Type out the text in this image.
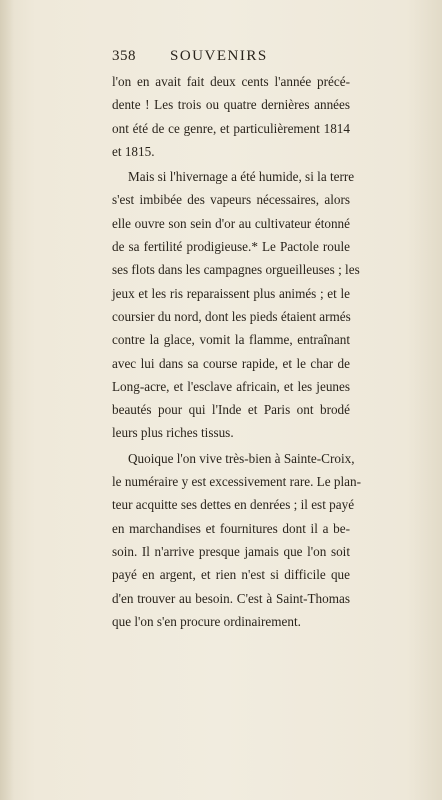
358 SOUVENIRS
l'on en avait fait deux cents l'année précé-
dente ! Les trois ou quatre dernières années
ont été de ce genre, et particulièrement 1814
et 1815.
Mais si l'hivernage a été humide, si la terre
s'est imbibée des vapeurs nécessaires, alors
elle ouvre son sein d'or au cultivateur étonné
de sa fertilité prodigieuse.* Le Pactole roule
ses flots dans les campagnes orgueilleuses ; les
jeux et les ris reparaissent plus animés ; et le
coursier du nord, dont les pieds étaient armés
contre la glace, vomit la flamme, entraînant
avec lui dans sa course rapide, et le char de
Long-acre, et l'esclave africain, et les jeunes
beautés pour qui l'Inde et Paris ont brodé
leurs plus riches tissus.
Quoique l'on vive très-bien à Sainte-Croix,
le numéraire y est excessivement rare. Le plan-
teur acquitte ses dettes en denrées ; il est payé
en marchandises et fournitures dont il a be-
soin. Il n'arrive presque jamais que l'on soit
payé en argent, et rien n'est si difficile que
d'en trouver au besoin. C'est à Saint-Thomas
que l'on s'en procure ordinairement.
